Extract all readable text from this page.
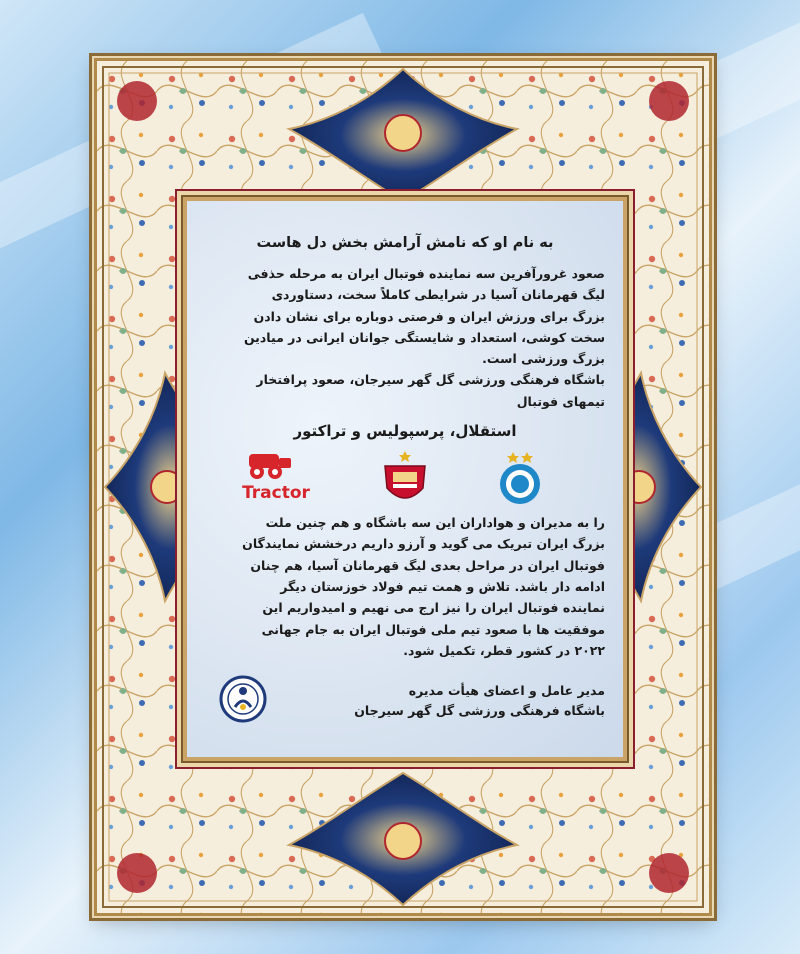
به نام او که نامش آرامش بخش دل هاست
صعود غرورآفرین سه نماینده فوتبال ایران به مرحله حذفی
لیگ قهرمانان آسیا در شرایطی کاملاً سخت، دستاوردی
بزرگ برای ورزش ایران و فرصتی دوباره برای نشان دادن
سخت کوشی، استعداد و شایستگی جوانان ایرانی در میادین
بزرگ ورزشی است.
باشگاه فرهنگی ورزشی گل گهر سیرجان، صعود پرافتخار
تیمهای فوتبال
استقلال، پرسپولیس و تراکتور
Tractor
را به مدیران و هواداران این سه باشگاه و هم چنین ملت
بزرگ ایران تبریک می گوید و آرزو داریم درخشش نمایندگان
فوتبال ایران در مراحل بعدی لیگ قهرمانان آسیا، هم چنان
ادامه دار باشد. تلاش و همت تیم فولاد خوزستان دیگر
نماینده فوتبال ایران را نیز ارج می نهیم و امیدواریم این
موفقیت ها با صعود تیم ملی فوتبال ایران به جام جهانی
۲۰۲۲ در کشور قطر، تکمیل شود.
مدیر عامل و اعضای هیأت مدیره
باشگاه فرهنگی ورزشی گل گهر سیرجان
